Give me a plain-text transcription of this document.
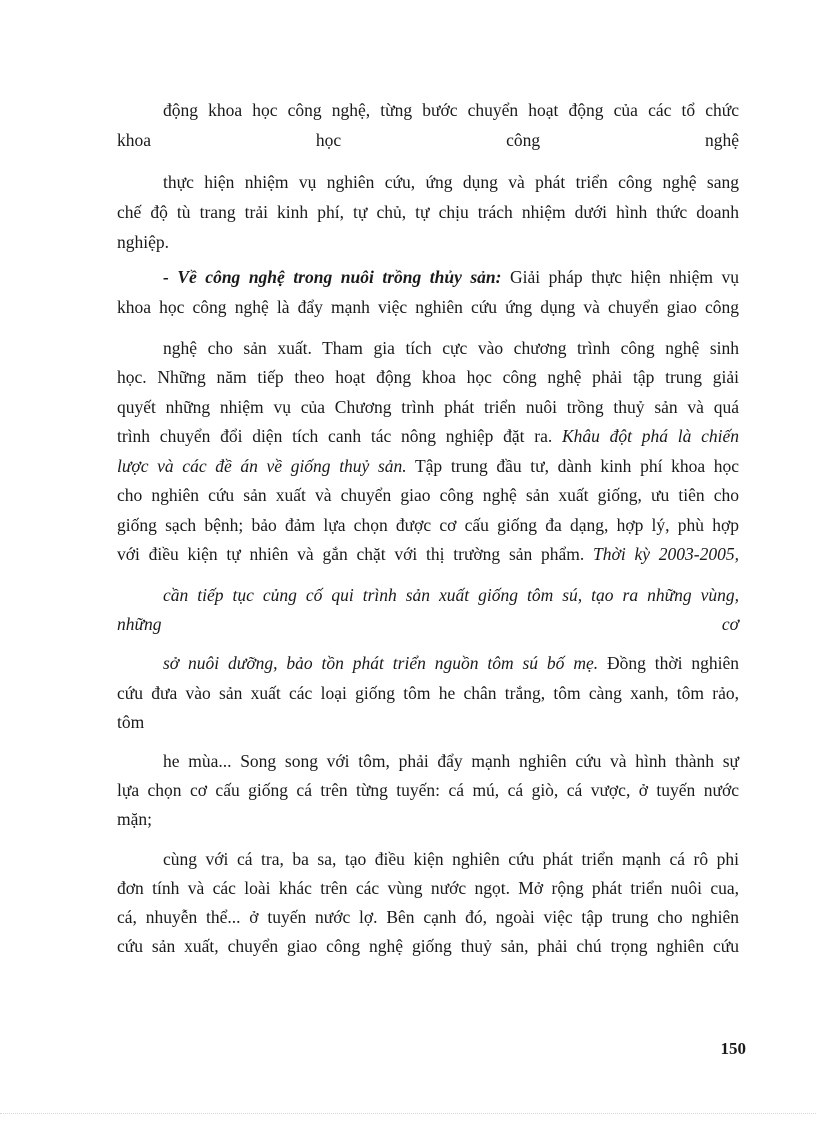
động khoa học công nghệ, từng bước chuyển hoạt động của các tổ chức
khoa học công nghệ
thực hiện nhiệm vụ nghiên cứu, ứng dụng và phát triển công nghệ sang
chế độ tù trang trải kinh phí, tự chủ, tự chịu trách nhiệm dưới hình thức doanh
nghiệp.
- Về công nghệ trong nuôi trồng thủy sản: Giải pháp thực hiện nhiệm vụ
khoa học công nghệ là đẩy mạnh việc nghiên cứu ứng dụng và chuyển giao công
nghệ cho sản xuất. Tham gia tích cực vào chương trình công nghệ sinh
học. Những năm tiếp theo hoạt động khoa học công nghệ phải tập trung giải
quyết những nhiệm vụ của Chương trình phát triển nuôi trồng thuỷ sản và quá
trình chuyển đổi diện tích canh tác nông nghiệp đặt ra. Khâu đột phá là chiến
lược và các đề án về giống thuỷ sản. Tập trung đầu tư, dành kinh phí khoa học
cho nghiên cứu sản xuất và chuyển giao công nghệ sản xuất giống, ưu tiên cho
giống sạch bệnh; bảo đảm lựa chọn được cơ cấu giống đa dạng, hợp lý, phù hợp
với điều kiện tự nhiên và gắn chặt với thị trường sản phẩm. Thời kỳ 2003-2005,
cần tiếp tục củng cố qui trình sản xuất giống tôm sú, tạo ra những vùng,
những cơ
sở nuôi dưỡng, bảo tồn phát triển nguồn tôm sú bố mẹ. Đồng thời nghiên
cứu đưa vào sản xuất các loại giống tôm he chân trắng, tôm càng xanh, tôm rảo,
tôm
he mùa... Song song với tôm, phải đẩy mạnh nghiên cứu và hình thành sự
lựa chọn cơ cấu giống cá trên từng tuyến: cá mú, cá giò, cá vược, ở tuyến nước
mặn;
cùng với cá tra, ba sa, tạo điều kiện nghiên cứu phát triển mạnh cá rô phi
đơn tính và các loài khác trên các vùng nước ngọt. Mở rộng phát triển nuôi cua,
cá, nhuyễn thể... ở tuyến nước lợ. Bên cạnh đó, ngoài việc tập trung cho nghiên
cứu sản xuất, chuyển giao công nghệ giống thuỷ sản, phải chú trọng nghiên cứu
150
